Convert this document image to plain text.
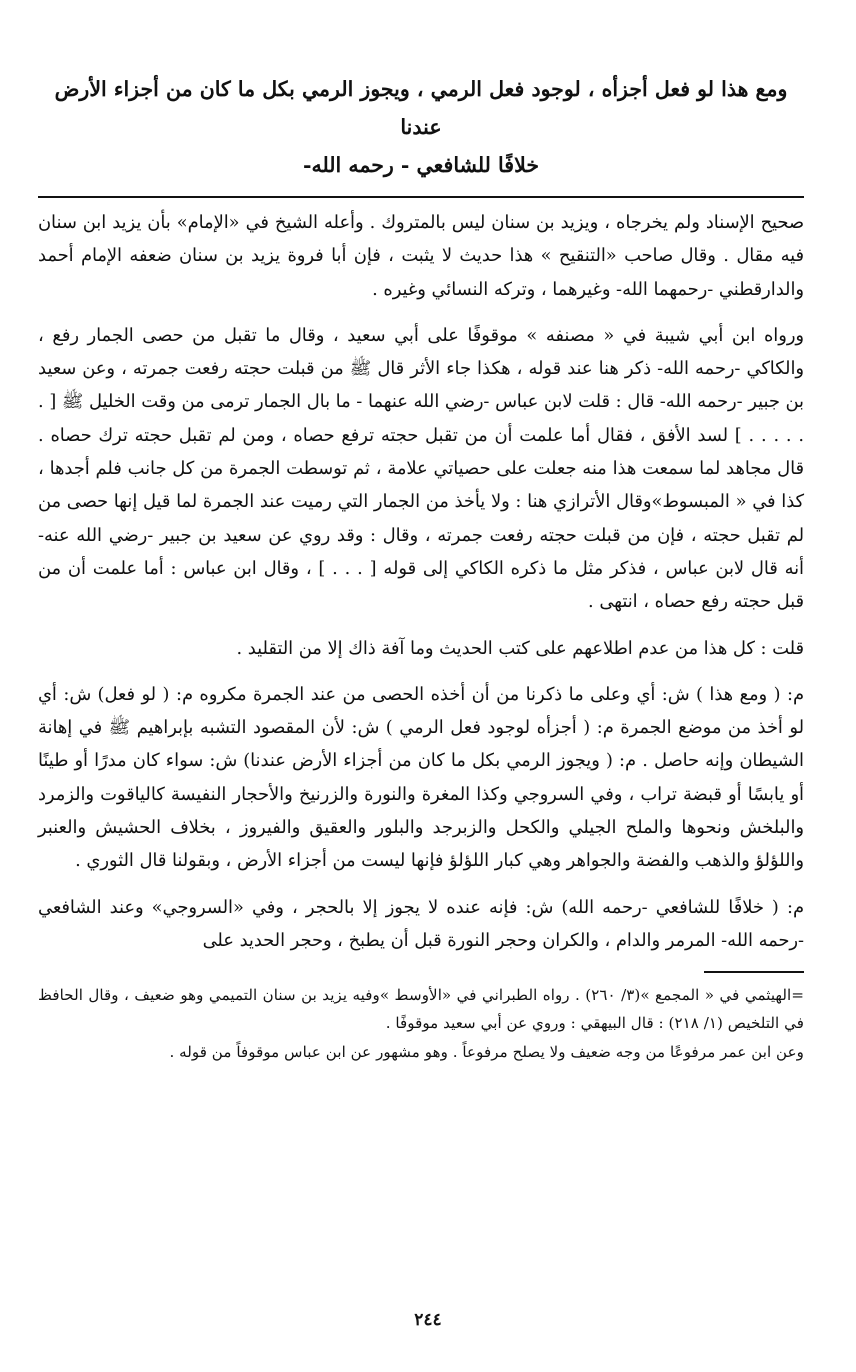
ومع هذا لو فعل أجزأه ، لوجود فعل الرمي ، ويجوز الرمي بكل ما كان من أجزاء الأرض عندنا

خلافًا للشافعي - رحمه الله-

صحيح الإسناد ولم يخرجاه ، ويزيد بن سنان ليس بالمتروك . وأعله الشيخ في «الإمام» بأن يزيد ابن سنان فيه مقال . وقال صاحب «التنقيح » هذا حديث لا يثبت ، فإن أبا فروة يزيد بن سنان ضعفه الإمام أحمد والدارقطني -رحمهما الله- وغيرهما ، وتركه النسائي وغيره .

ورواه ابن أبي شيبة في « مصنفه » موقوفًا على أبي سعيد ، وقال ما تقبل من حصى الجمار رفع ، والكاكي -رحمه الله- ذكر هنا عند قوله ، هكذا جاء الأثر قال ﷺ من قبلت حجته رفعت جمرته ، وعن سعيد بن جبير -رحمه الله- قال : قلت لابن عباس -رضي الله عنهما - ما بال الجمار ترمى من وقت الخليل ﷺ [ . . . . . . ] لسد الأفق ، فقال أما علمت أن من تقبل حجته ترفع حصاه ، ومن لم تقبل حجته ترك حصاه . قال مجاهد لما سمعت هذا منه جعلت على حصياتي علامة ، ثم توسطت الجمرة من كل جانب فلم أجدها ، كذا في « المبسوط»وقال الأترازي هنا : ولا يأخذ من الجمار التي رميت عند الجمرة لما قيل إنها حصى من لم تقبل حجته ، فإن من قبلت حجته رفعت جمرته ، وقال : وقد روي عن سعيد بن جبير -رضي الله عنه- أنه قال لابن عباس ، فذكر مثل ما ذكره الكاكي إلى قوله [ . . . ] ، وقال ابن عباس : أما علمت أن من قبل حجته رفع حصاه ، انتهى .

قلت : كل هذا من عدم اطلاعهم على كتب الحديث وما آفة ذاك إلا من التقليد .

م: ( ومع هذا ) ش: أي وعلى ما ذكرنا من أن أخذه الحصى من عند الجمرة مكروه م: ( لو فعل) ش: أي لو أخذ من موضع الجمرة م: ( أجزأه لوجود فعل الرمي ) ش: لأن المقصود التشبه بإبراهيم ﷺ في إهانة الشيطان وإنه حاصل . م: ( ويجوز الرمي بكل ما كان من أجزاء الأرض عندنا) ش: سواء كان مدرًا أو طينًا أو يابسًا أو قبضة تراب ، وفي السروجي وكذا المغرة والنورة والزرنيخ والأحجار النفيسة كالياقوت والزمرد والبلخش ونحوها والملح الجيلي والكحل والزبرجد والبلور والعقيق والفيروز ، بخلاف الحشيش والعنبر واللؤلؤ والذهب والفضة والجواهر وهي كبار اللؤلؤ فإنها ليست من أجزاء الأرض ، وبقولنا قال الثوري .

م: ( خلافًا للشافعي -رحمه الله) ش: فإنه عنده لا يجوز إلا بالحجر ، وفي «السروجي» وعند الشافعي -رحمه الله- المرمر والدام ، والكران وحجر النورة قبل أن يطبخ ، وحجر الحديد على

=الهيثمي في « المجمع »(٣/ ٢٦٠) . رواه الطبراني في «الأوسط »وفيه يزيد بن سنان التميمي وهو ضعيف ، وقال الحافظ في التلخيص (١/ ٢١٨) : قال البيهقي : وروي عن أبي سعيد موقوفًا .

وعن ابن عمر مرفوعًا من وجه ضعيف ولا يصلح مرفوعاً . وهو مشهور عن ابن عباس موقوفاً من قوله .

٢٤٤
